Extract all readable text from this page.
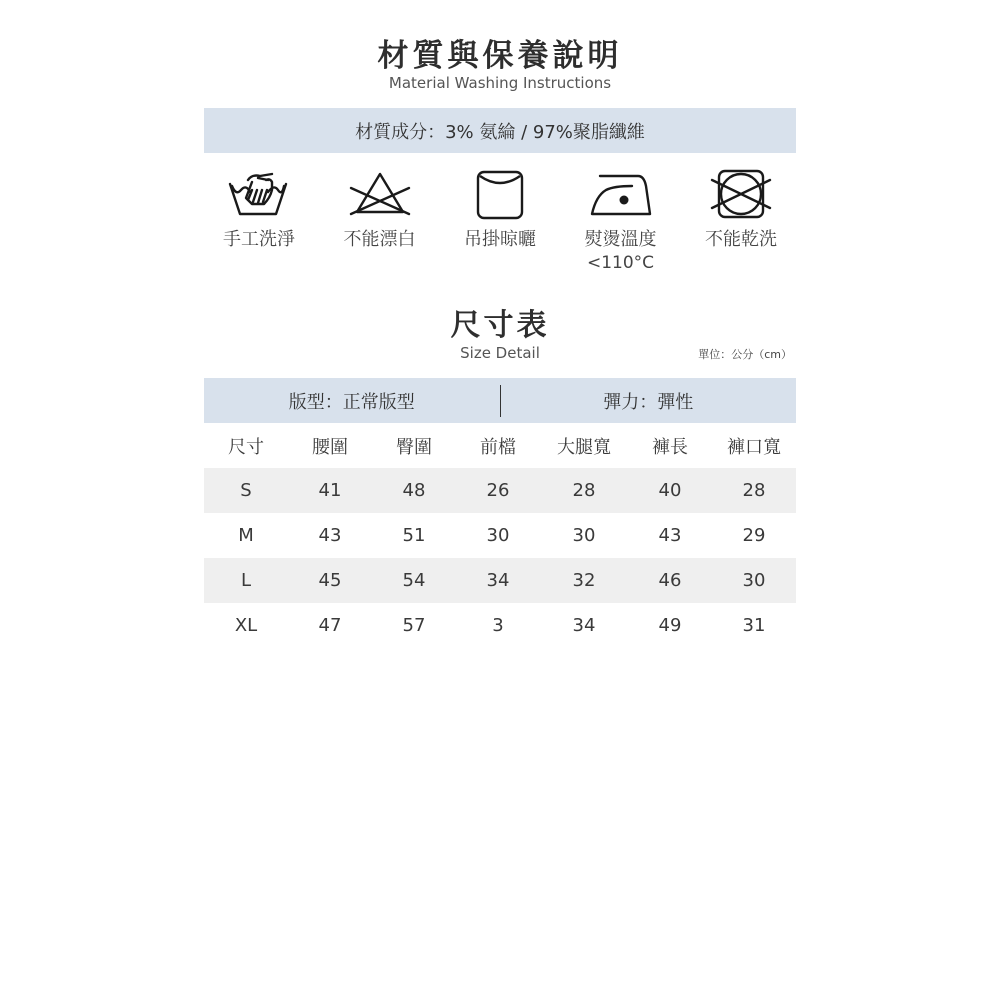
材質與保養說明
Material Washing Instructions
材質成分：3% 氨綸 / 97%聚脂纖維
手工洗淨	不能漂白	吊掛晾曬	熨燙溫度
<110°C
不能乾洗
尺寸表
Size Detail	單位：公分（cm）
版型：正常版型	彈力：彈性
尺寸	腰圍	臀圍	前檔	大腿寬	褲長	褲口寬
S	41	48	26	28	40	28
M	43	51	30	30	43	29
L	45	54	34	32	46	30
XL	47	57	3	34	49	31
